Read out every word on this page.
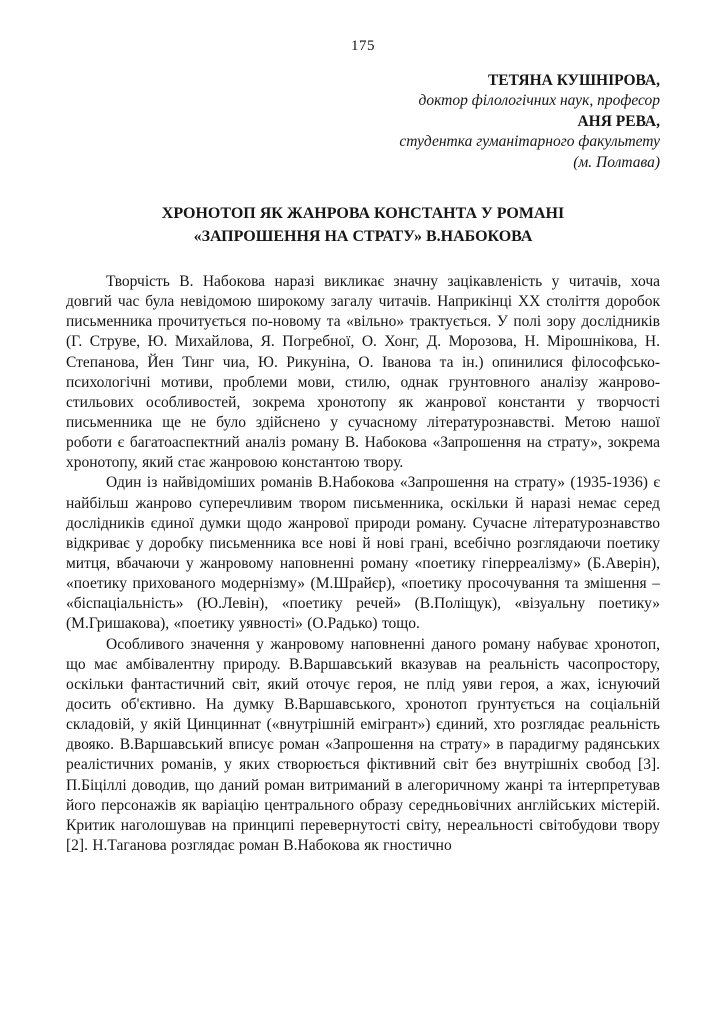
175
ТЕТЯНА КУШНІРОВА,
доктор філологічних наук, професор
АНЯ РЕВА,
студентка гуманітарного факультету
(м. Полтава)
ХРОНОТОП ЯК ЖАНРОВА КОНСТАНТА У РОМАНІ
«ЗАПРОШЕННЯ НА СТРАТУ» В.НАБОКОВА

Творчість В. Набокова наразі викликає значну зацікавленість у читачів, хоча довгий час була невідомою широкому загалу читачів. Наприкінці ХХ століття доробок письменника прочитується по-новому та «вільно» трактується. У полі зору дослідників (Г. Струве, Ю. Михайлова, Я. Погребної, О. Хонг, Д. Морозова, Н. Мірошнікова, Н. Степанова, Йен Тинг чиа, Ю. Рикуніна, О. Іванова та ін.) опинилися філософсько-психологічні мотиви, проблеми мови, стилю, однак грунтовного аналізу жанрово-стильових особливостей, зокрема хронотопу як жанрової константи у творчості письменника ще не було здійснено у сучасному літературознавстві. Метою нашої роботи є багатоаспектний аналіз роману В. Набокова «Запрошення на страту», зокрема хронотопу, який стає жанровою константою твору.

Один із найвідоміших романів В.Набокова «Запрошення на страту» (1935-1936) є найбільш жанрово суперечливим твором письменника, оскільки й наразі немає серед дослідників єдиної думки щодо жанрової природи роману. Сучасне літературознавство відкриває у доробку письменника все нові й нові грані, всебічно розглядаючи поетику митця, вбачаючи у жанровому наповненні роману «поетику гіперреалізму» (Б.Аверін), «поетику прихованого модернізму» (М.Шрайєр), «поетику просочування та змішення – «біспаціальність» (Ю.Левін), «поетику речей» (В.Поліщук), «візуальну поетику» (М.Гришакова), «поетику уявності» (О.Радько) тощо.

Особливого значення у жанровому наповненні даного роману набуває хронотоп, що має амбівалентну природу. В.Варшавський вказував на реальність часопростору, оскільки фантастичний світ, який оточує героя, не плід уяви героя, а жах, існуючий досить об'єктивно. На думку В.Варшавського, хронотоп ґрунтується на соціальній складовій, у якій Цинциннат («внутрішній емігрант») єдиний, хто розглядає реальність двояко. В.Варшавський вписує роман «Запрошення на страту» в парадигму радянських реалістичних романів, у яких створюється фіктивний світ без внутрішніх свобод [3]. П.Біціллі доводив, що даний роман витриманий в алегоричному жанрі та інтерпретував його персонажів як варіацію центрального образу середньовічних англійських містерій. Критик наголошував на принципі перевернутості світу, нереальності світобудови твору [2]. Н.Таганова розглядає роман В.Набокова як гностично
